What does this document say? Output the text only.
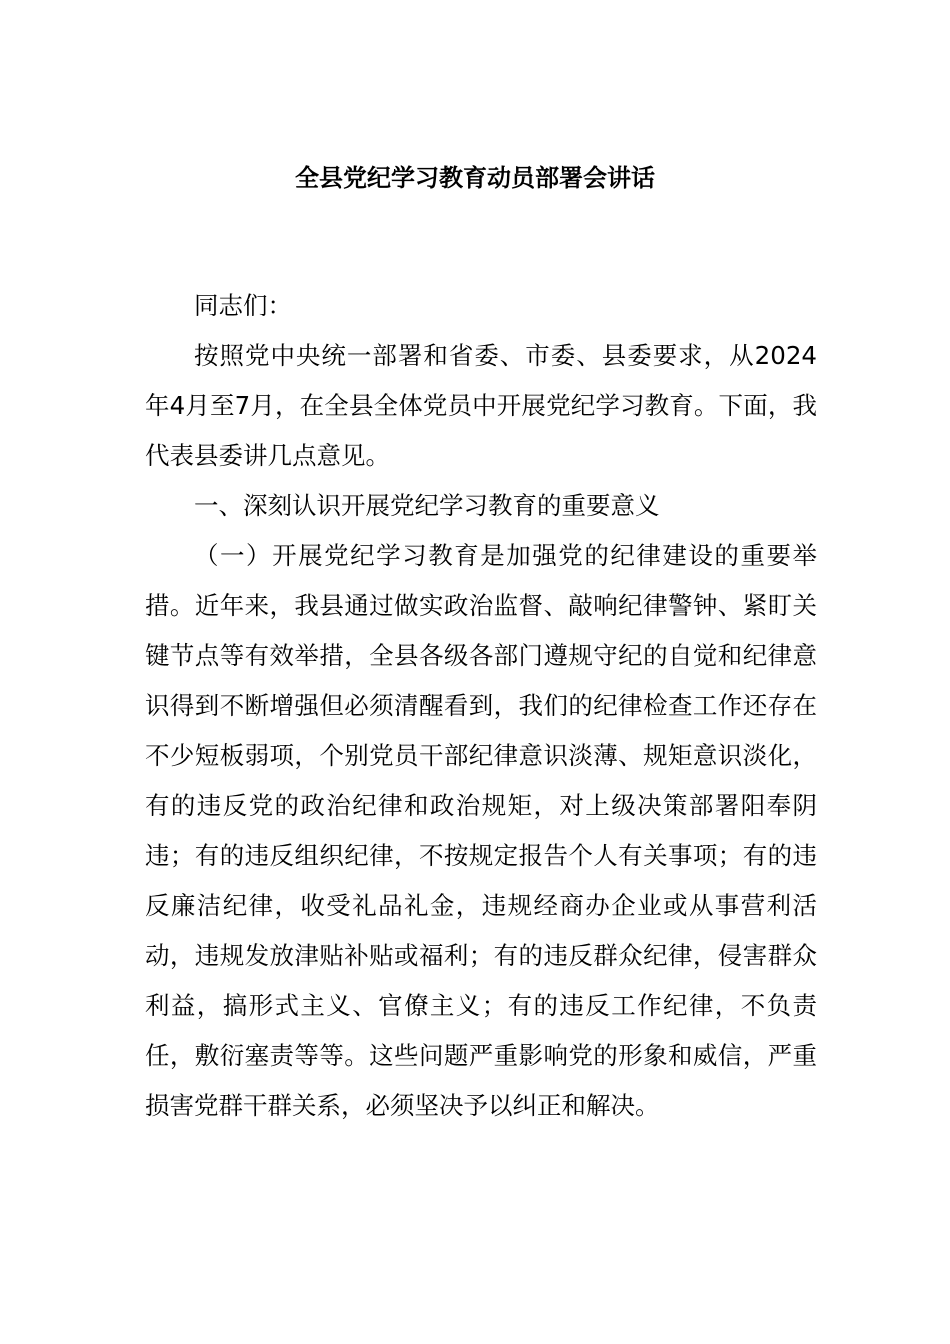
全县党纪学习教育动员部署会讲话

同志们：

按照党中央统一部署和省委、市委、县委要求，从2024年4月至7月，在全县全体党员中开展党纪学习教育。下面，我代表县委讲几点意见。

一、深刻认识开展党纪学习教育的重要意义

（一）开展党纪学习教育是加强党的纪律建设的重要举措。近年来，我县通过做实政治监督、敲响纪律警钟、紧盯关键节点等有效举措，全县各级各部门遵规守纪的自觉和纪律意识得到不断增强但必须清醒看到，我们的纪律检查工作还存在不少短板弱项，个别党员干部纪律意识淡薄、规矩意识淡化，有的违反党的政治纪律和政治规矩，对上级决策部署阳奉阴违；有的违反组织纪律，不按规定报告个人有关事项；有的违反廉洁纪律，收受礼品礼金，违规经商办企业或从事营利活动，违规发放津贴补贴或福利；有的违反群众纪律，侵害群众利益，搞形式主义、官僚主义；有的违反工作纪律，不负责任，敷衍塞责等等。这些问题严重影响党的形象和威信，严重损害党群干群关系，必须坚决予以纠正和解决。
